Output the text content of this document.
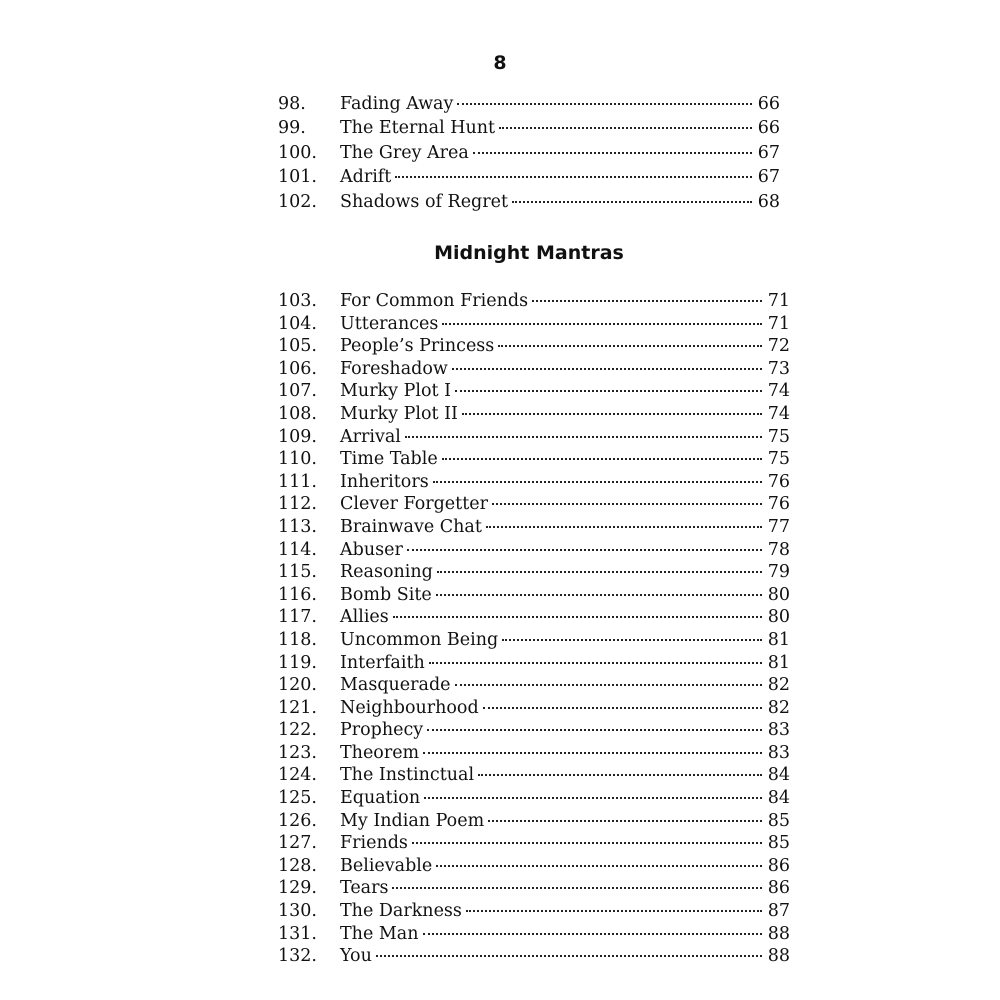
8
98.	Fading Away	66
99.	The Eternal Hunt	66
100.	The Grey Area	67
101.	Adrift	67
102.	Shadows of Regret	68
Midnight Mantras
103.	For Common Friends	71
104.	Utterances	71
105.	People’s Princess	72
106.	Foreshadow	73
107.	Murky Plot I	74
108.	Murky Plot II	74
109.	Arrival	75
110.	Time Table	75
111.	Inheritors	76
112.	Clever Forgetter	76
113.	Brainwave Chat	77
114.	Abuser	78
115.	Reasoning	79
116.	Bomb Site	80
117.	Allies	80
118.	Uncommon Being	81
119.	Interfaith	81
120.	Masquerade	82
121.	Neighbourhood	82
122.	Prophecy	83
123.	Theorem	83
124.	The Instinctual	84
125.	Equation	84
126.	My Indian Poem	85
127.	Friends	85
128.	Believable	86
129.	Tears	86
130.	The Darkness	87
131.	The Man	88
132.	You	88
